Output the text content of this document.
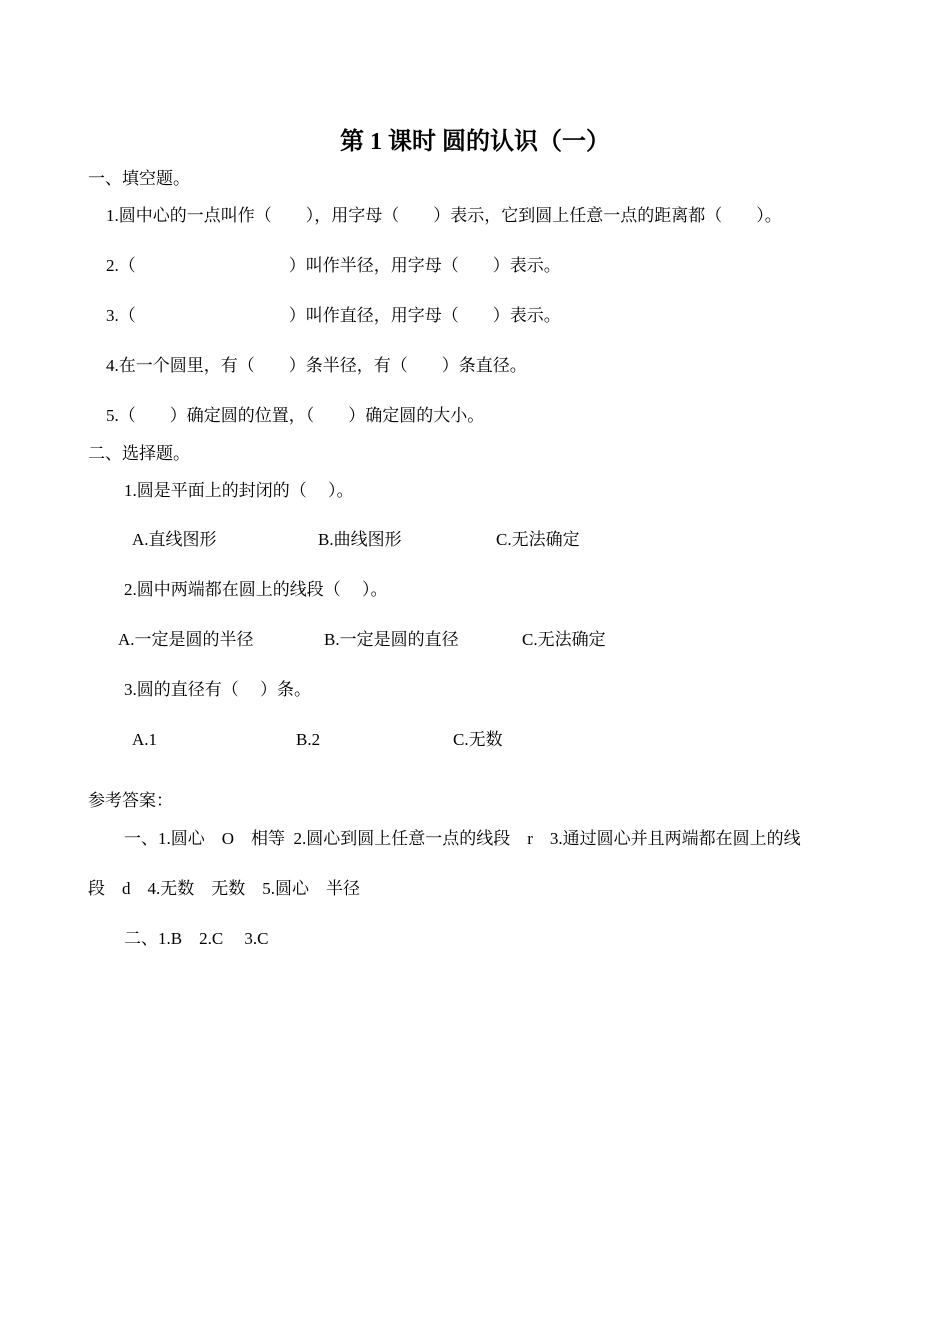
第 1 课时 圆的认识（一）
一、填空题。
1.圆中心的一点叫作（　　），用字母（　　）表示，它到圆上任意一点的距离都（　　）。
2.（　　　　　　　　　）叫作半径，用字母（　　）表示。
3.（　　　　　　　　　）叫作直径，用字母（　　）表示。
4.在一个圆里，有（　　）条半径，有（　　）条直径。
5.（　　）确定圆的位置，（　　）确定圆的大小。
二、选择题。
1.圆是平面上的封闭的（　 ）。
A.直线图形	B.曲线图形	C.无法确定
2.圆中两端都在圆上的线段（　 ）。
A.一定是圆的半径	B.一定是圆的直径	C.无法确定
3.圆的直径有（　 ）条。
A.1	B.2	C.无数
参考答案：
一、1.圆心　O　相等  2.圆心到圆上任意一点的线段　r　3.通过圆心并且两端都在圆上的线
段　d　4.无数　无数　5.圆心　半径
二、1.B　2.C　 3.C
